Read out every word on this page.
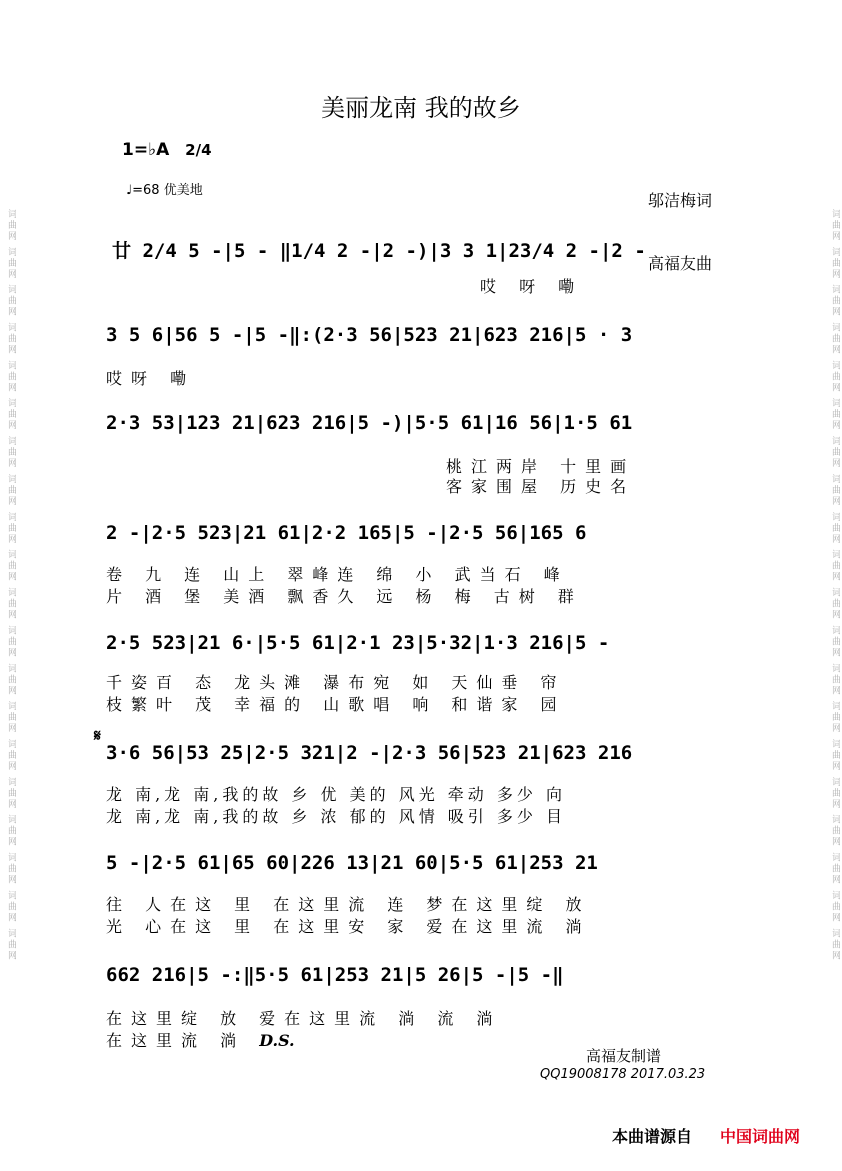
词曲网 词曲网 词曲网 词曲网 词曲网 词曲网 词曲网 词曲网 词曲网 词曲网 词曲网 词曲网 词曲网 词曲网 词曲网 词曲网 词曲网 词曲网 词曲网 词曲网	词曲网 词曲网 词曲网 词曲网 词曲网 词曲网 词曲网 词曲网 词曲网 词曲网 词曲网 词曲网 词曲网 词曲网 词曲网 词曲网 词曲网 词曲网 词曲网 词曲网
美丽龙南 我的故乡
1=♭A 2/4
♩=68 优美地

邬洁梅词

高福友曲

廿 2/4 5 -|5 - ‖1/4 2 -|2 -)|3 3 1|23/4 2 -|2 -
哎 呀 嘞
3 5 6|56 5 -|5 -‖:(2·3 56|523 21|623 216|5 · 3
哎呀 嘞
2·3 53|123 21|623 216|5 -)|5·5 61|16 56|1·5 61
桃江两岸 十里画
客家围屋 历史名
2 -|2·5 523|21 61|2·2 165|5 -|2·5 56|165 6
卷 九 连 山上 翠峰连 绵 小 武当石 峰
片 酒 堡 美酒 飘香久 远 杨 梅 古树 群
2·5 523|21 6·|5·5 61|2·1 23|5·32|1·3 216|5 -
千姿百 态 龙头滩 瀑布宛 如 天仙垂 帘
枝繁叶 茂 幸福的 山歌唱 响 和谐家 园
𝄋
3·6 56|53 25|2·5 321|2 -|2·3 56|523 21|623 216
龙 南,龙 南,我的故 乡 优 美的 风光 牵动 多少 向
龙 南,龙 南,我的故 乡 浓 郁的 风情 吸引 多少 目
5 -|2·5 61|65 60|226 13|21 60|5·5 61|253 21
往 人在这 里 在这里流 连 梦在这里绽 放
光 心在这 里 在这里安 家 爱在这里流 淌
662 216|5 -:‖5·5 61|253 21|5 26|5 -|5 -‖
在这里绽 放 爱在这里流 淌 流 淌
在这里流 淌 D.S.
高福友制谱
QQ19008178 2017.03.23
本曲谱源自 中国词曲网
